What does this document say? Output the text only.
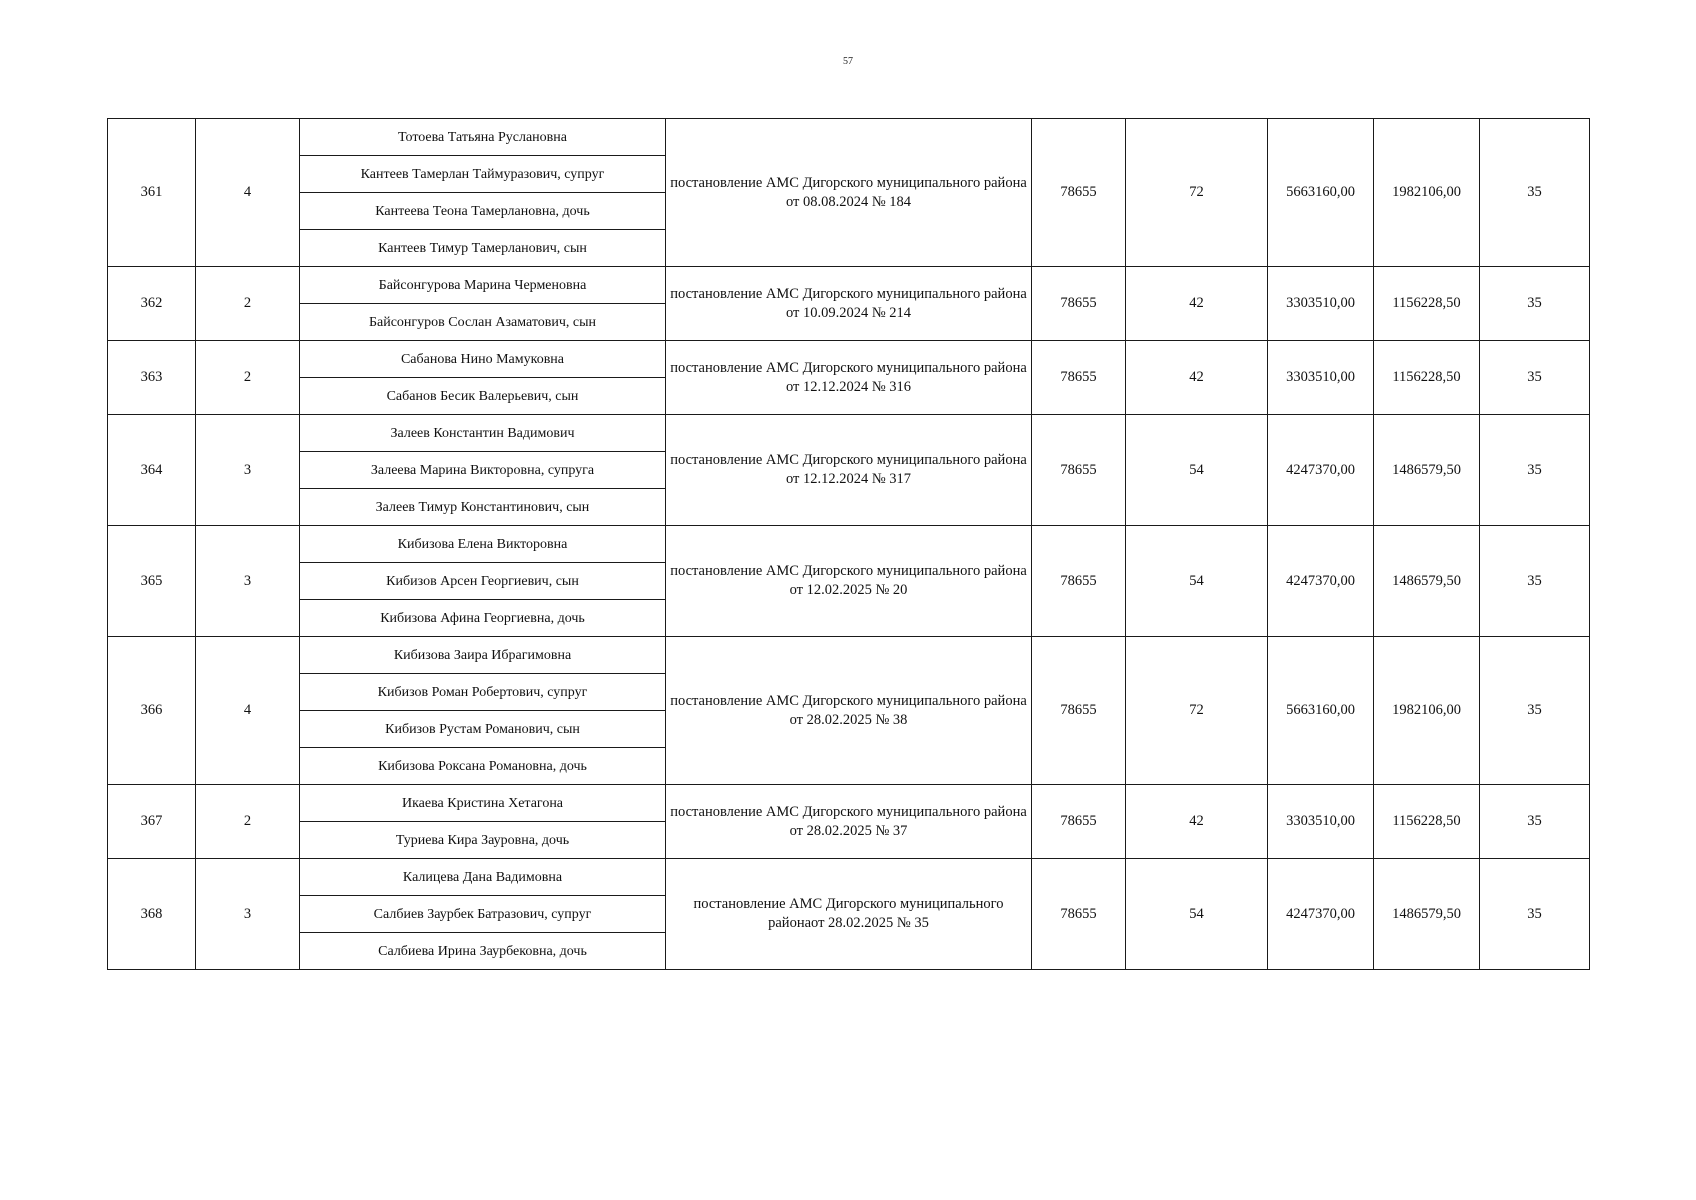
57
361	4	Тотоева Татьяна Руслановна	постановление АМС Дигорского муниципального района от 08.08.2024 № 184	78655	72	5663160,00	1982106,00	35
		Кантеев Тамерлан Таймуразович, супруг						
		Кантеева Теона Тамерлановна, дочь						
		Кантеев Тимур Тамерланович, сын						
362	2	Байсонгурова Марина Черменовна	постановление АМС Дигорского муниципального района от 10.09.2024 № 214	78655	42	3303510,00	1156228,50	35
		Байсонгуров Сослан Азаматович, сын						
363	2	Сабанова Нино Мамуковна	постановление АМС Дигорского муниципального района от 12.12.2024 № 316	78655	42	3303510,00	1156228,50	35
		Сабанов Бесик Валерьевич, сын						
364	3	Залеев Константин Вадимович	постановление АМС Дигорского муниципального района от 12.12.2024 № 317	78655	54	4247370,00	1486579,50	35
		Залеева Марина Викторовна, супруга						
		Залеев Тимур Константинович, сын						
365	3	Кибизова Елена Викторовна	постановление АМС Дигорского муниципального района от 12.02.2025 № 20	78655	54	4247370,00	1486579,50	35
		Кибизов Арсен Георгиевич, сын						
		Кибизова Афина Георгиевна, дочь						
366	4	Кибизова Заира Ибрагимовна	постановление АМС Дигорского муниципального района от 28.02.2025 № 38	78655	72	5663160,00	1982106,00	35
		Кибизов Роман Робертович, супруг						
		Кибизов Рустам Романович, сын						
		Кибизова Роксана Романовна, дочь						
367	2	Икаева Кристина Хетагона	постановление АМС Дигорского муниципального района от 28.02.2025 № 37	78655	42	3303510,00	1156228,50	35
		Туриева Кира Зауровна, дочь						
368	3	Калицева Дана Вадимовна	постановление АМС Дигорского муниципального районаот 28.02.2025 № 35	78655	54	4247370,00	1486579,50	35
		Салбиев Заурбек Батразович, супруг						
		Салбиева Ирина Заурбековна, дочь						
